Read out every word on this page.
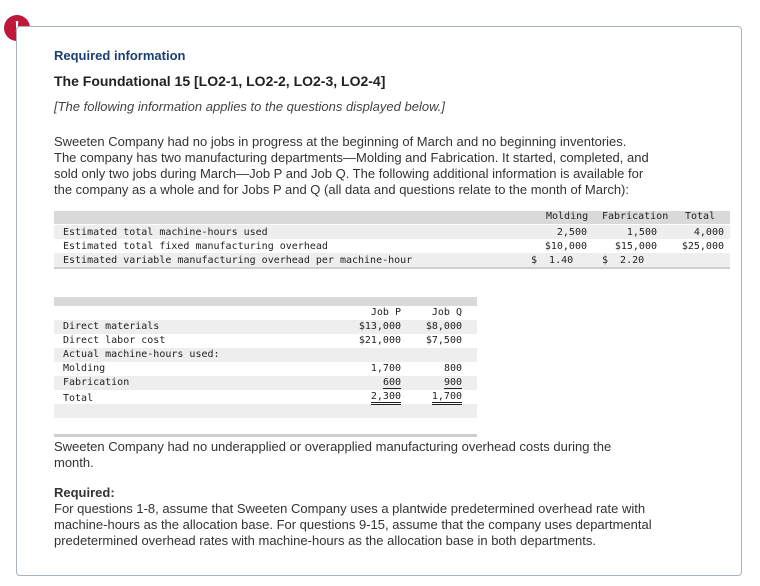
Required information
The Foundational 15 [LO2-1, LO2-2, LO2-3, LO2-4]
[The following information applies to the questions displayed below.]
Sweeten Company had no jobs in progress at the beginning of March and no beginning inventories.
The company has two manufacturing departments—Molding and Fabrication. It started, completed, and
sold only two jobs during March—Job P and Job Q. The following additional information is available for
the company as a whole and for Jobs P and Q (all data and questions relate to the month of March):
Molding Fabrication Total
Estimated total machine-hours used	2,500	1,500	4,000
Estimated total fixed manufacturing overhead	$10,000	$15,000	$25,000
Estimated variable manufacturing overhead per machine-hour	$  1.40	$  2.20
Job P	Job Q
Direct materials	$13,000	$8,000
Direct labor cost	$21,000	$7,500
Actual machine-hours used:
Molding	1,700	800
Fabrication	600	900
Total	2,300	1,700
Sweeten Company had no underapplied or overapplied manufacturing overhead costs during the
month.
Required:
For questions 1-8, assume that Sweeten Company uses a plantwide predetermined overhead rate with
machine-hours as the allocation base. For questions 9-15, assume that the company uses departmental
predetermined overhead rates with machine-hours as the allocation base in both departments.
